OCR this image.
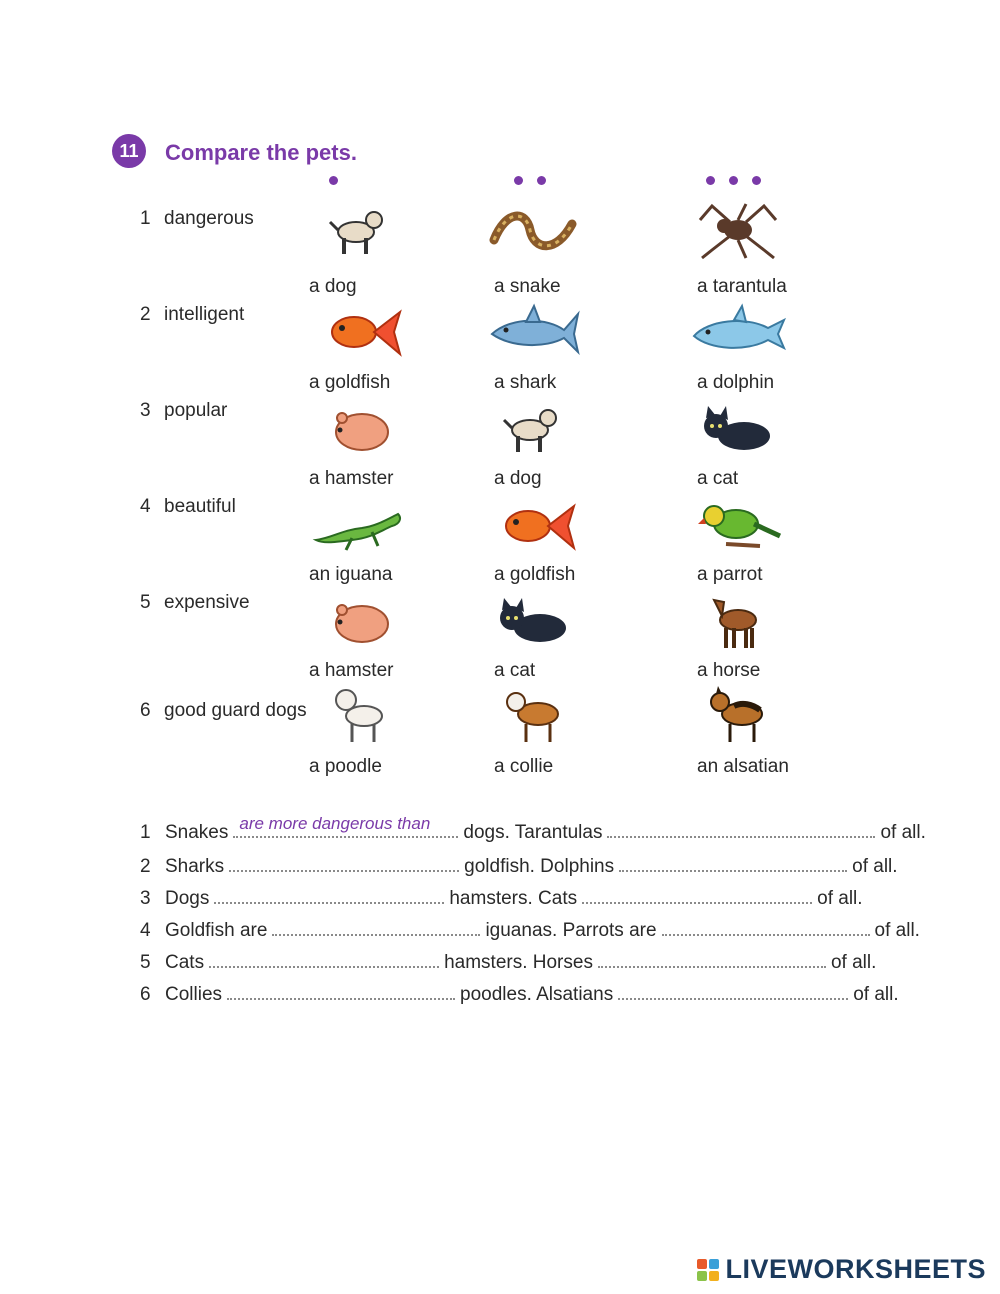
11	Compare the pets.
1 dangerous
a dog	a snake	a tarantula
2 intelligent
a goldfish	a shark	a dolphin
3 popular
a hamster	a dog	a cat
4 beautiful
an iguana	a goldfish	a parrot
5 expensive
a hamster	a cat	a horse
6 good guard dogs
a poodle	a collie	an alsatian
1 Snakes are more dangerous than dogs. Tarantulas	of all.
2 Sharks	goldfish. Dolphins	of all.
3 Dogs	hamsters. Cats	of all.
4 Goldfish are	iguanas. Parrots are	of all.
5 Cats	hamsters. Horses	of all.
6 Collies	poodles. Alsatians	of all.
LIVEWORKSHEETS
